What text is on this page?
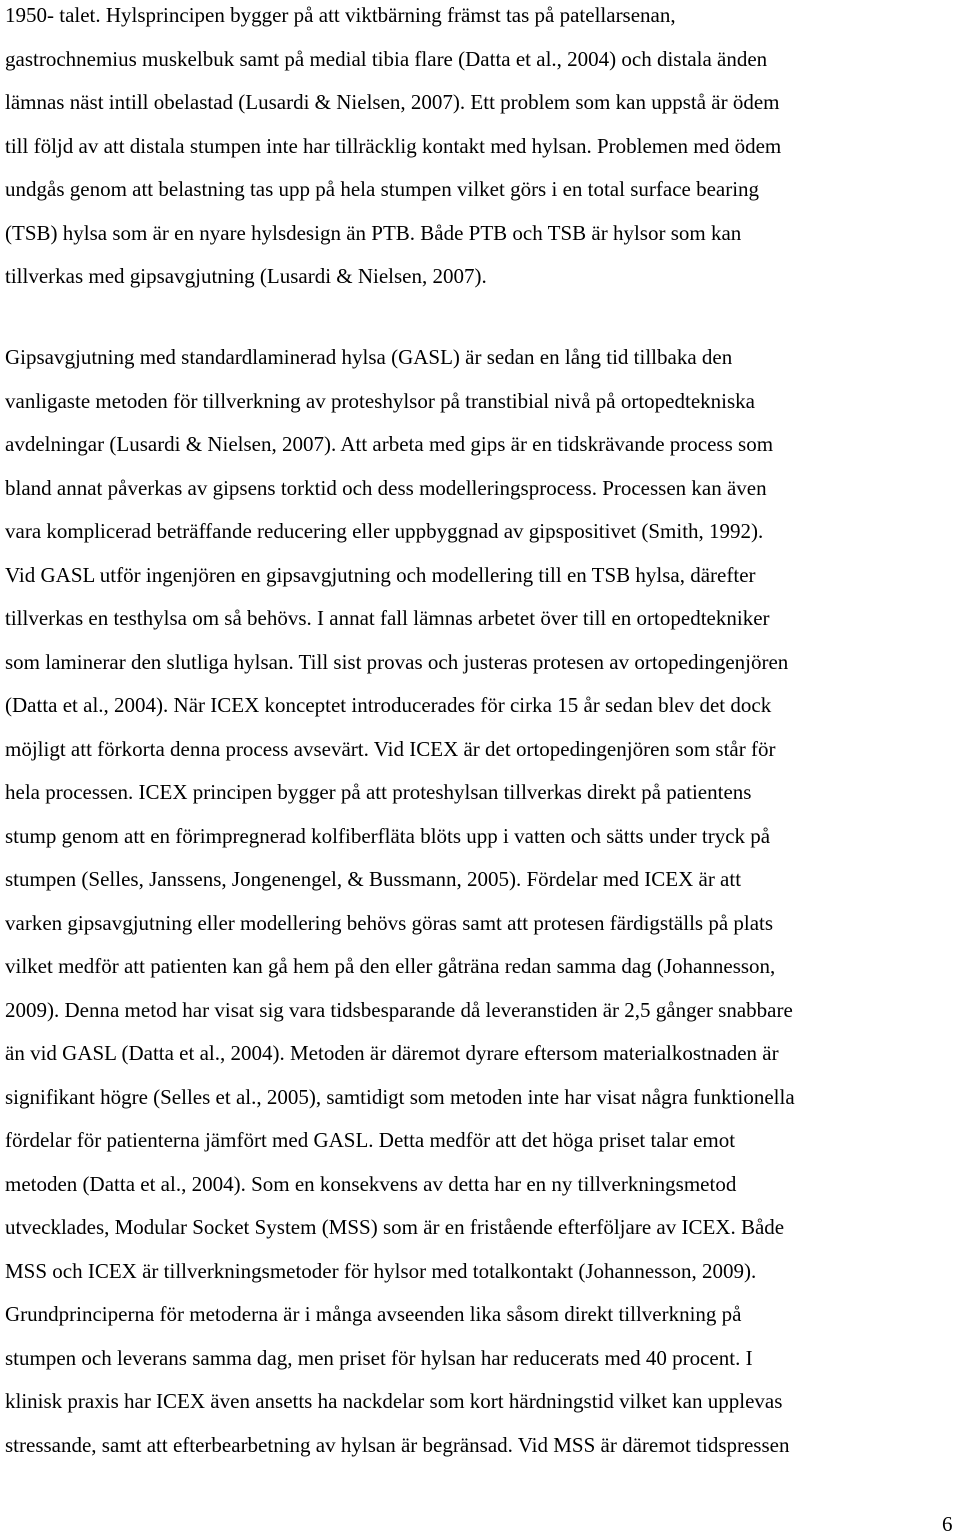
1950- talet. Hylsprincipen bygger på att viktbärning främst tas på patellarsenan,
gastrochnemius muskelbuk samt på medial tibia flare (Datta et al., 2004) och distala änden
lämnas näst intill obelastad (Lusardi & Nielsen, 2007). Ett problem som kan uppstå är ödem
till följd av att distala stumpen inte har tillräcklig kontakt med hylsan. Problemen med ödem
undgås genom att belastning tas upp på hela stumpen vilket görs i en total surface bearing
(TSB) hylsa som är en nyare hylsdesign än PTB. Både PTB och TSB är hylsor som kan
tillverkas med gipsavgjutning (Lusardi & Nielsen, 2007).
Gipsavgjutning med standardlaminerad hylsa (GASL) är sedan en lång tid tillbaka den
vanligaste metoden för tillverkning av proteshylsor på transtibial nivå på ortopedtekniska
avdelningar (Lusardi & Nielsen, 2007). Att arbeta med gips är en tidskrävande process som
bland annat påverkas av gipsens torktid och dess modelleringsprocess. Processen kan även
vara komplicerad beträffande reducering eller uppbyggnad av gipspositivet (Smith, 1992).
Vid GASL utför ingenjören en gipsavgjutning och modellering till en TSB hylsa, därefter
tillverkas en testhylsa om så behövs. I annat fall lämnas arbetet över till en ortopedtekniker
som laminerar den slutliga hylsan. Till sist provas och justeras protesen av ortopedingenjören
(Datta et al., 2004). När ICEX konceptet introducerades för cirka 15 år sedan blev det dock
möjligt att förkorta denna process avsevärt. Vid ICEX är det ortopedingenjören som står för
hela processen. ICEX principen bygger på att proteshylsan tillverkas direkt på patientens
stump genom att en förimpregnerad kolfiberfläta blöts upp i vatten och sätts under tryck på
stumpen (Selles, Janssens, Jongenengel, & Bussmann, 2005). Fördelar med ICEX är att
varken gipsavgjutning eller modellering behövs göras samt att protesen färdigställs på plats
vilket medför att patienten kan gå hem på den eller gåträna redan samma dag (Johannesson,
2009). Denna metod har visat sig vara tidsbesparande då leveranstiden är 2,5 gånger snabbare
än vid GASL (Datta et al., 2004). Metoden är däremot dyrare eftersom materialkostnaden är
signifikant högre (Selles et al., 2005), samtidigt som metoden inte har visat några funktionella
fördelar för patienterna jämfört med GASL. Detta medför att det höga priset talar emot
metoden (Datta et al., 2004). Som en konsekvens av detta har en ny tillverkningsmetod
utvecklades, Modular Socket System (MSS) som är en fristående efterföljare av ICEX. Både
MSS och ICEX är tillverkningsmetoder för hylsor med totalkontakt (Johannesson, 2009).
Grundprinciperna för metoderna är i många avseenden lika såsom direkt tillverkning på
stumpen och leverans samma dag, men priset för hylsan har reducerats med 40 procent. I
klinisk praxis har ICEX även ansetts ha nackdelar som kort härdningstid vilket kan upplevas
stressande, samt att efterbearbetning av hylsan är begränsad. Vid MSS är däremot tidspressen
6
